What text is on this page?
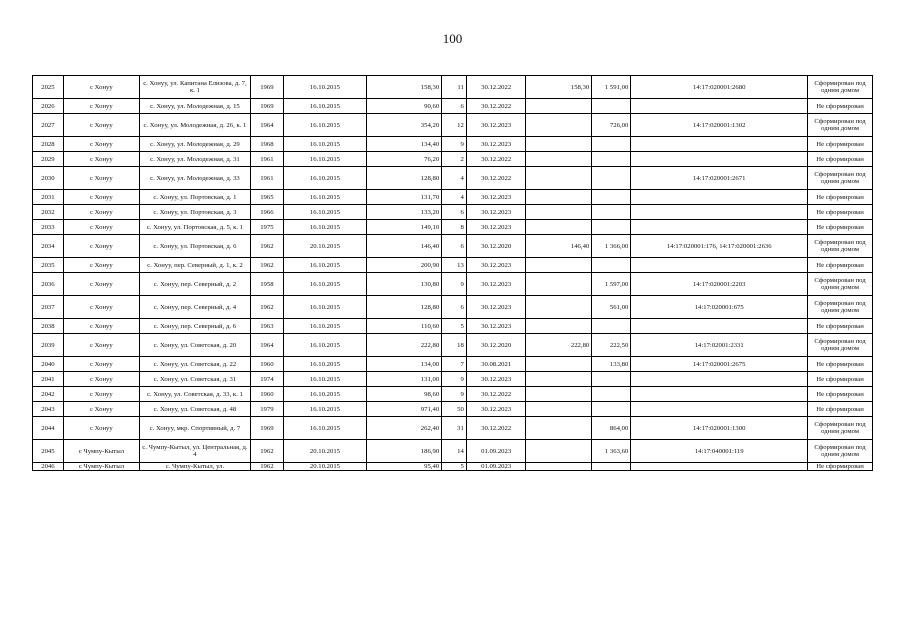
100
2025	с Хонуу	с. Хонуу, ул. Капитана Елизова, д. 7, к. 1	1969	16.10.2015	158,30	11	30.12.2022	158,30	1 591,00	14:17:020001:2680	Сформирован под одним домом
2026	с Хонуу	с. Хонуу, ул. Молодежная, д. 15	1969	16.10.2015	90,60	6	30.12.2022				Не сформирован
2027	с Хонуу	с. Хонуу, ул. Молодежная, д. 26, к. 1	1964	16.10.2015	354,20	12	30.12.2023		726,00	14:17:020001:1302	Сформирован под одним домом
2028	с Хонуу	с. Хонуу, ул. Молодежная, д. 29	1968	16.10.2015	134,40	9	30.12.2023				Не сформирован
2029	с Хонуу	с. Хонуу, ул. Молодежная, д. 31	1961	16.10.2015	76,20	2	30.12.2022				Не сформирован
2030	с Хонуу	с. Хонуу, ул. Молодежная, д. 33	1961	16.10.2015	128,80	4	30.12.2022			14:17:020001:2671	Сформирован под одним домом
2031	с Хонуу	с. Хонуу, ул. Портовская, д. 1	1965	16.10.2015	131,70	4	30.12.2023				Не сформирован
2032	с Хонуу	с. Хонуу, ул. Портовская, д. 3	1966	16.10.2015	133,20	6	30.12.2023				Не сформирован
2033	с Хонуу	с. Хонуу, ул. Портовская, д. 5, к. 1	1975	16.10.2015	149,10	8	30.12.2023				Не сформирован
2034	с Хонуу	с. Хонуу, ул. Портовская, д. 6	1962	20.10.2015	146,40	6	30.12.2020	146,40	1 366,00	14:17:020001:176, 14:17:020001:2636	Сформирован под одним домом
2035	с Хонуу	с. Хонуу, пер. Северный, д. 1, к. 2	1962	16.10.2015	200,90	13	30.12.2023				Не сформирован
2036	с Хонуу	с. Хонуу, пер. Северный, д. 2	1958	16.10.2015	130,80	9	30.12.2023		1 597,00	14:17:020001:2203	Сформирован под одним домом
2037	с Хонуу	с. Хонуу, пер. Северный, д. 4	1962	16.10.2015	128,80	6	30.12.2023		561,00	14:17:020001:675	Сформирован под одним домом
2038	с Хонуу	с. Хонуу, пер. Северный, д. 6	1963	16.10.2015	110,60	5	30.12.2023				Не сформирован
2039	с Хонуу	с. Хонуу, ул. Советская, д. 20	1964	16.10.2015	222,80	18	30.12.2020	222,80	222,50	14:17:02001:2331	Сформирован под одним домом
2040	с Хонуу	с. Хонуу, ул. Советская, д. 22	1960	16.10.2015	134,00	7	30.08.2021		133,80	14:17:020001:2675	Не сформирован
2041	с Хонуу	с. Хонуу, ул. Советская, д. 31	1974	16.10.2015	131,00	9	30.12.2023				Не сформирован
2042	с Хонуу	с. Хонуу, ул. Советская, д. 33, к. 1	1960	16.10.2015	98,60	9	30.12.2022				Не сформирован
2043	с Хонуу	с. Хонуу, ул. Советская, д. 48	1979	16.10.2015	971,40	50	30.12.2023				Не сформирован
2044	с Хонуу	с. Хонуу, мкр. Спортивный, д. 7	1969	16.10.2015	262,40	31	30.12.2022		864,00	14:17:020001:1300	Сформирован под одним домом
2045	с Чумпу-Кытыл	с. Чумпу-Кытыл, ул. Центральная, д. 4	1962	20.10.2015	186,90	14	01.09.2023		1 363,60	14:17:040001:119	Сформирован под одним домом
2046	с Чумпу-Кытыл	с. Чумпу-Кытыл, ул.	1962	20.10.2015	95,40	5	01.09.2023				Не сформирован
